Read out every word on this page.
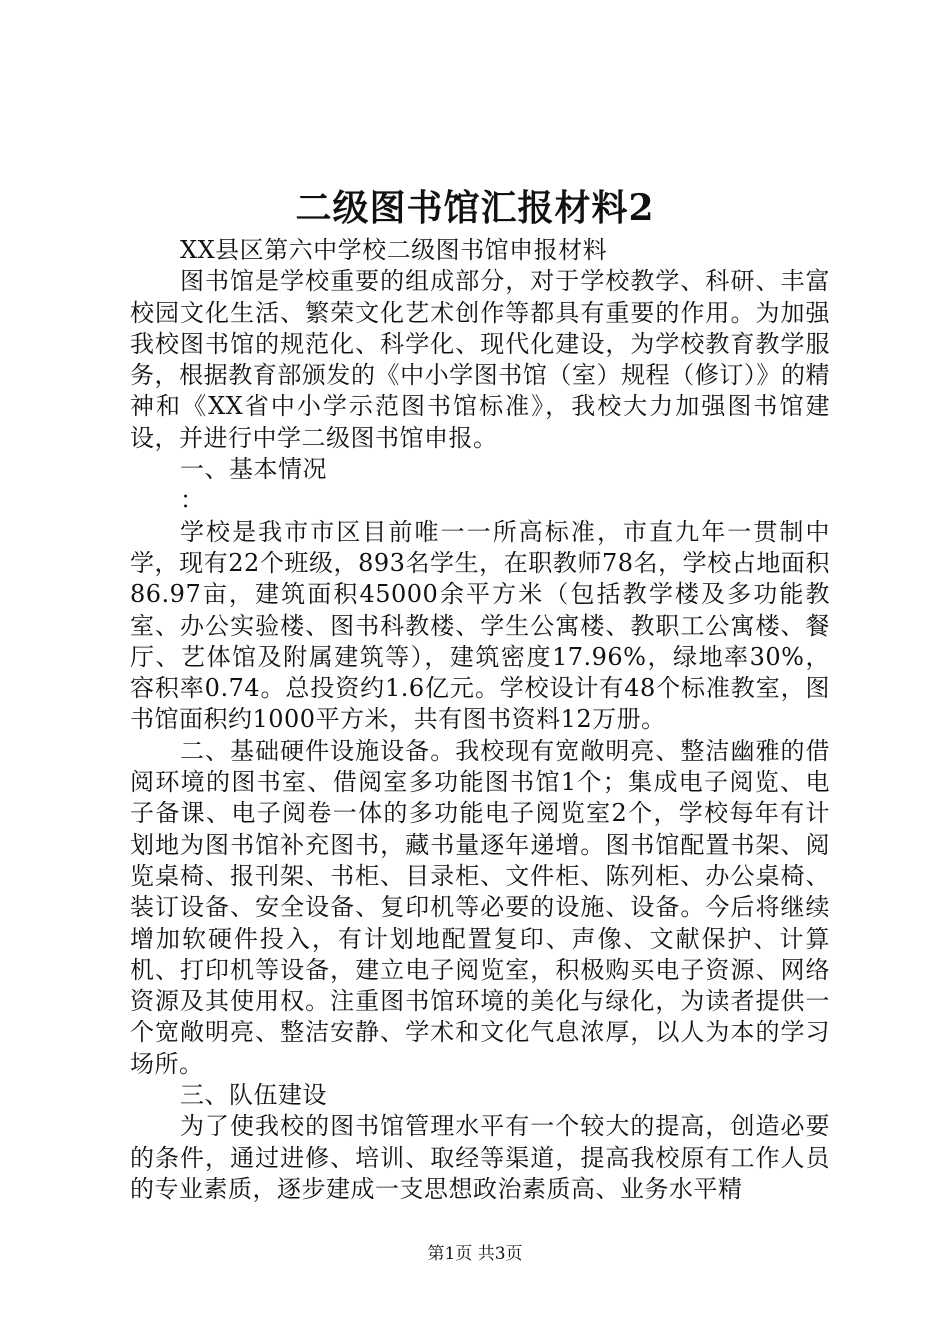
二级图书馆汇报材料2

XX县区第六中学校二级图书馆申报材料

图书馆是学校重要的组成部分，对于学校教学、科研、丰富校园文化生活、繁荣文化艺术创作等都具有重要的作用。为加强我校图书馆的规范化、科学化、现代化建设，为学校教育教学服务，根据教育部颁发的《中小学图书馆（室）规程（修订）》的精神和《XX省中小学示范图书馆标准》，我校大力加强图书馆建设，并进行中学二级图书馆申报。

一、基本情况

：

学校是我市市区目前唯一一所高标准，市直九年一贯制中学，现有22个班级，893名学生，在职教师78名，学校占地面积86.97亩，建筑面积45000余平方米（包括教学楼及多功能教室、办公实验楼、图书科教楼、学生公寓楼、教职工公寓楼、餐厅、艺体馆及附属建筑等），建筑密度17.96%，绿地率30%，容积率0.74。总投资约1.6亿元。学校设计有48个标准教室，图书馆面积约1000平方米，共有图书资料12万册。

二、基础硬件设施设备。我校现有宽敞明亮、整洁幽雅的借阅环境的图书室、借阅室多功能图书馆1个；集成电子阅览、电子备课、电子阅卷一体的多功能电子阅览室2个，学校每年有计划地为图书馆补充图书，藏书量逐年递增。图书馆配置书架、阅览桌椅、报刊架、书柜、目录柜、文件柜、陈列柜、办公桌椅、装订设备、安全设备、复印机等必要的设施、设备。今后将继续增加软硬件投入，有计划地配置复印、声像、文献保护、计算机、打印机等设备，建立电子阅览室，积极购买电子资源、网络资源及其使用权。注重图书馆环境的美化与绿化，为读者提供一个宽敞明亮、整洁安静、学术和文化气息浓厚，以人为本的学习场所。

三、队伍建设

为了使我校的图书馆管理水平有一个较大的提高，创造必要的条件，通过进修、培训、取经等渠道，提高我校原有工作人员的专业素质，逐步建成一支思想政治素质高、业务水平精

第1页 共3页
